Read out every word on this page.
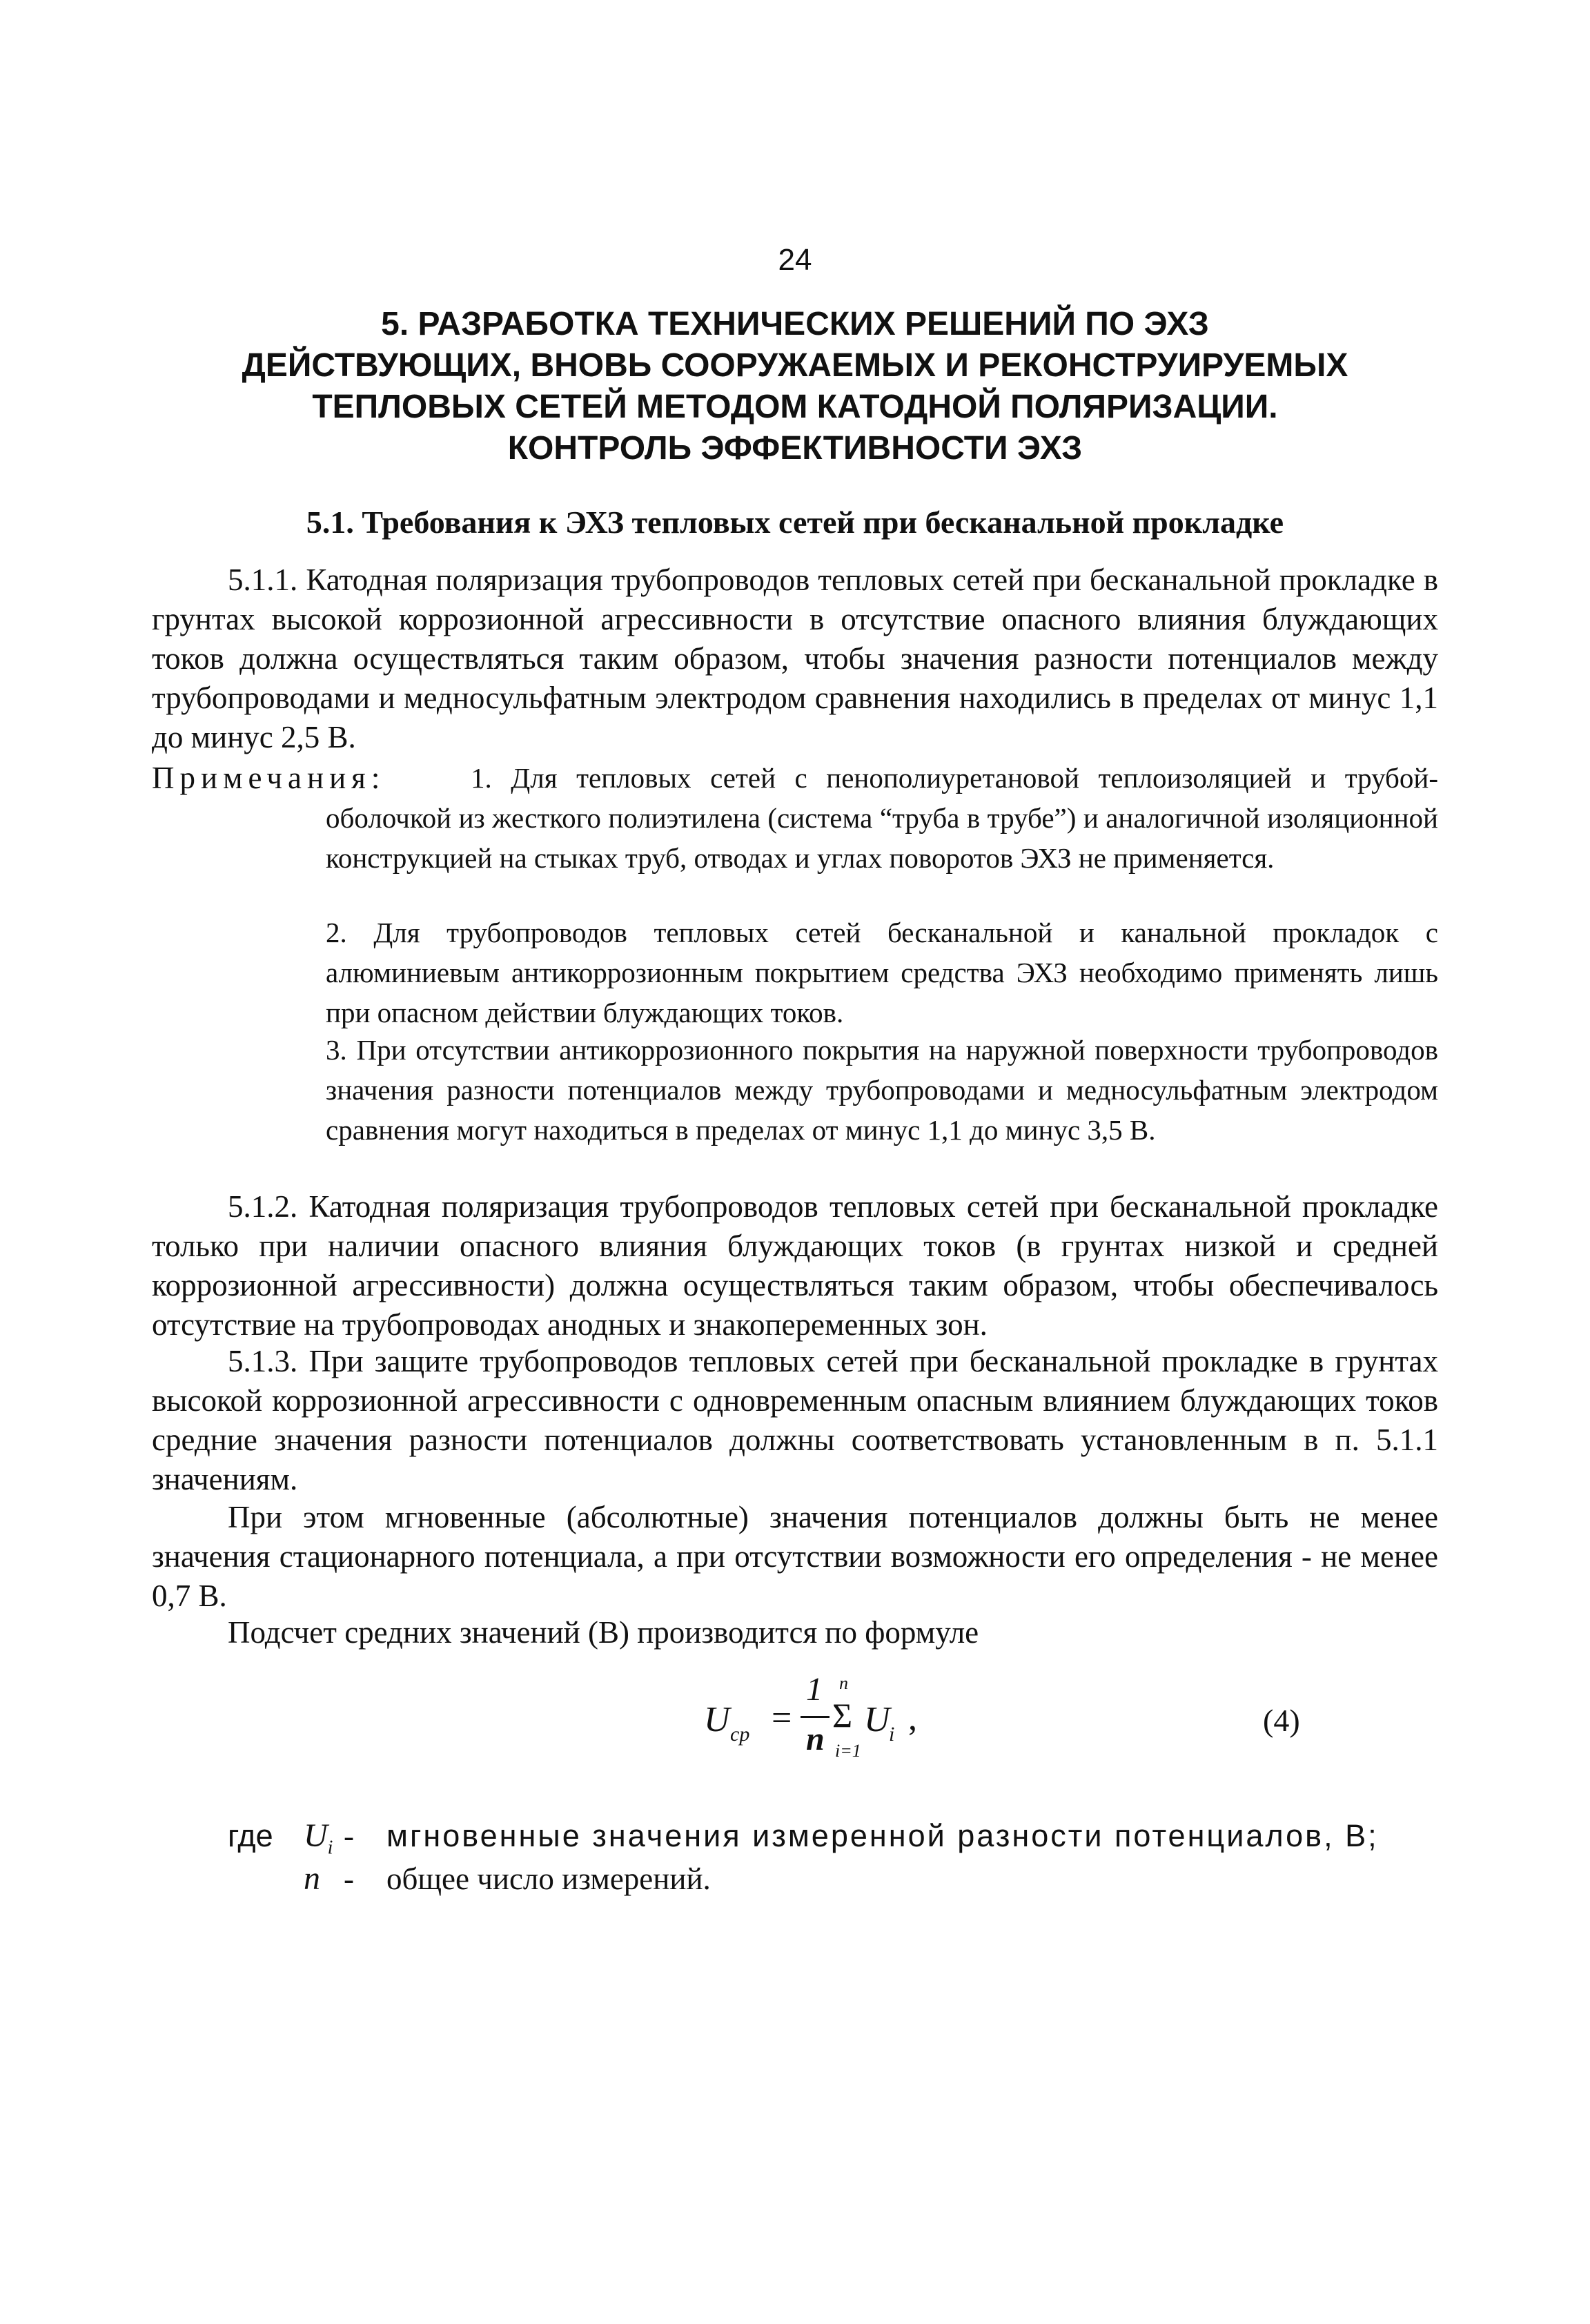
24
5. РАЗРАБОТКА ТЕХНИЧЕСКИХ РЕШЕНИЙ ПО ЭХЗ
ДЕЙСТВУЮЩИХ, ВНОВЬ СООРУЖАЕМЫХ И РЕКОНСТРУИРУЕМЫХ
ТЕПЛОВЫХ СЕТЕЙ МЕТОДОМ КАТОДНОЙ ПОЛЯРИЗАЦИИ.
КОНТРОЛЬ ЭФФЕКТИВНОСТИ ЭХЗ
5.1. Требования к ЭХЗ тепловых сетей при бесканальной прокладке

5.1.1. Катодная поляризация трубопроводов тепловых сетей при бесканальной прокладке в грунтах высокой коррозионной агрессивности в отсутствие опасного влияния блуждающих токов должна осуществляться таким образом, чтобы значения разности потенциалов между трубопроводами и медносульфатным электродом сравнения находились в пределах от минус 1,1 до минус 2,5 В.

Примечания:	1. Для тепловых сетей с пенополиуретановой теплоизоляцией и трубой-оболочкой из жесткого полиэтилена (система “труба в трубе”) и аналогичной изоляционной конструкцией на стыках труб, отводах и углах поворотов ЭХЗ не применяется.
2. Для трубопроводов тепловых сетей бесканальной и канальной прокладок с алюминиевым антикоррозионным покрытием средства ЭХЗ необходимо применять лишь при опасном действии блуждающих токов.
3. При отсутствии антикоррозионного покрытия на наружной поверхности трубопроводов значения разности потенциалов между трубопроводами и медносульфатным электродом сравнения могут находиться в пределах от минус 1,1 до минус 3,5 В.

5.1.2. Катодная поляризация трубопроводов тепловых сетей при бесканальной прокладке только при наличии опасного влияния блуждающих токов (в грунтах низкой и средней коррозионной агрессивности) должна осуществляться таким образом, чтобы обеспечивалось отсутствие на трубопроводах анодных и знакопеременных зон.

5.1.3. При защите трубопроводов тепловых сетей при бесканальной прокладке в грунтах высокой коррозионной агрессивности с одновременным опасным влиянием блуждающих токов средние значения разности потенциалов должны соответствовать установленным в п. 5.1.1 значениям.

При этом мгновенные (абсолютные) значения потенциалов должны быть не менее значения стационарного потенциала, а при отсутствии возможности его определения - не менее 0,7 В.

Подсчет средних значений (В) производится по формуле

U ср =
1
n
n
Σ
i=1
U
i ,	(4)
где $U_i$ - мгновенные значения измеренной разности потенциалов, В;
n - общее число измерений.
